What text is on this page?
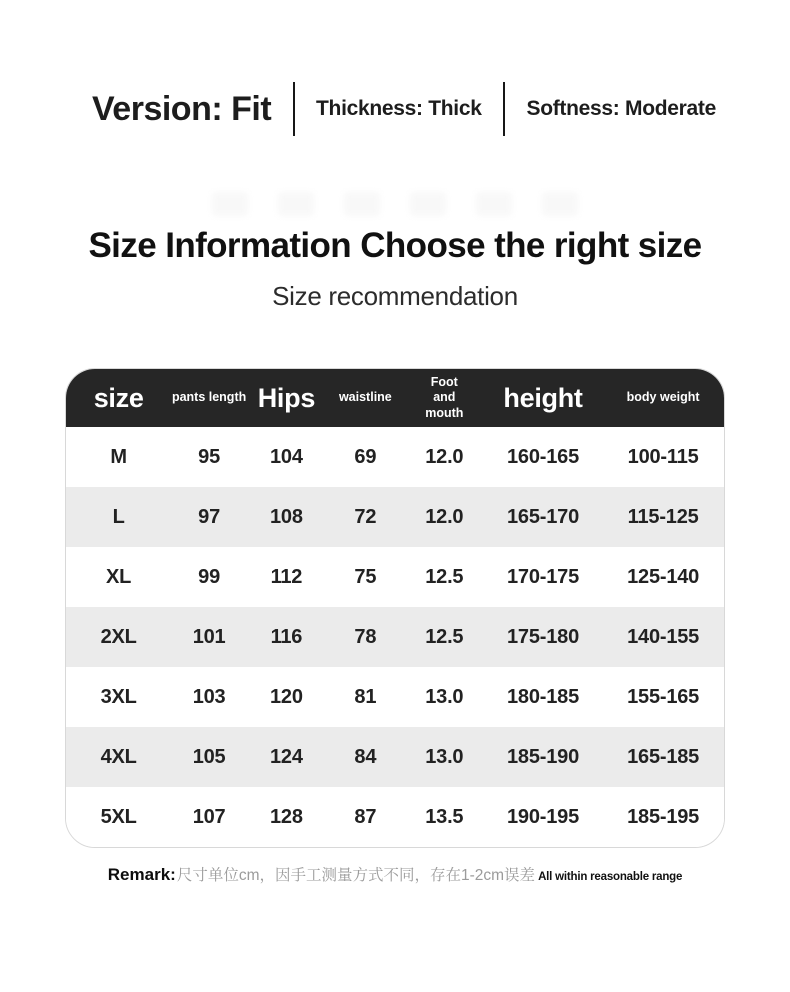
Version: Fit Thickness: Thick Softness: Moderate
Size Information Choose the right size
Size recommendation
size	pants length	Hips	waistline	Foot and mouth	height	body weight
M	95	104	69	12.0	160-165	100-115
L	97	108	72	12.0	165-170	115-125
XL	99	112	75	12.5	170-175	125-140
2XL	101	116	78	12.5	175-180	140-155
3XL	103	120	81	13.0	180-185	155-165
4XL	105	124	84	13.0	185-190	165-185
5XL	107	128	87	13.5	190-195	185-195
Remark: 尺寸单位cm，因手工测量方式不同，存在1-2cm误差 All within reasonable range
